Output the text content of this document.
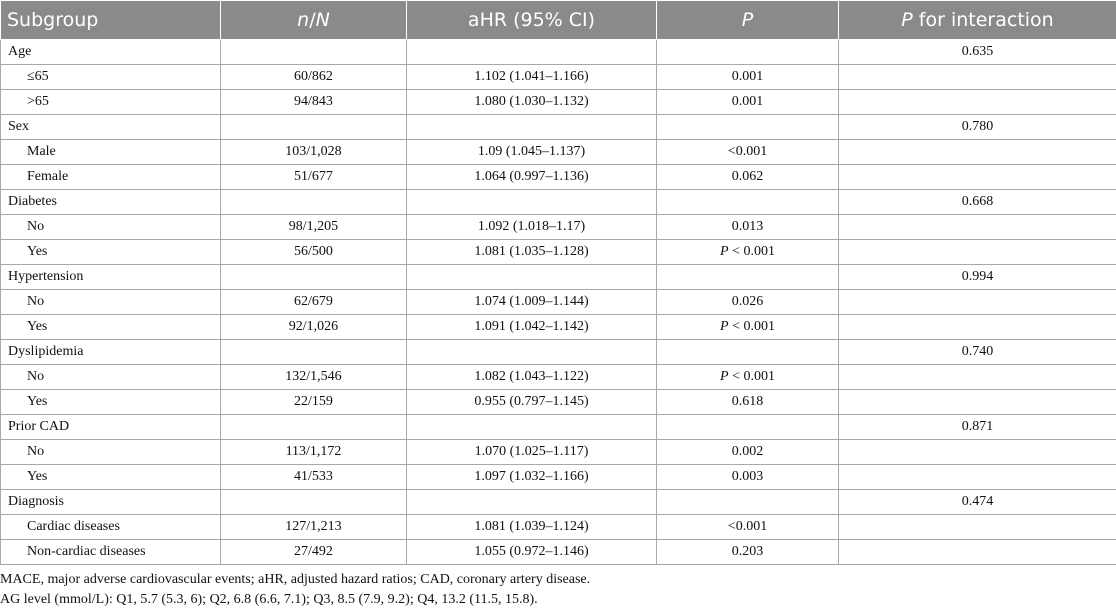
Subgroup	n/N	aHR (95% CI)	P	P for interaction
Age				0.635
≤65	60/862	1.102 (1.041–1.166)	0.001	
>65	94/843	1.080 (1.030–1.132)	0.001	
Sex				0.780
Male	103/1,028	1.09 (1.045–1.137)	<0.001	
Female	51/677	1.064 (0.997–1.136)	0.062	
Diabetes				0.668
No	98/1,205	1.092 (1.018–1.17)	0.013	
Yes	56/500	1.081 (1.035–1.128)	P < 0.001	
Hypertension				0.994
No	62/679	1.074 (1.009–1.144)	0.026	
Yes	92/1,026	1.091 (1.042–1.142)	P < 0.001	
Dyslipidemia				0.740
No	132/1,546	1.082 (1.043–1.122)	P < 0.001	
Yes	22/159	0.955 (0.797–1.145)	0.618	
Prior CAD				0.871
No	113/1,172	1.070 (1.025–1.117)	0.002	
Yes	41/533	1.097 (1.032–1.166)	0.003	
Diagnosis				0.474
Cardiac diseases	127/1,213	1.081 (1.039–1.124)	<0.001	
Non-cardiac diseases	27/492	1.055 (0.972–1.146)	0.203	
MACE, major adverse cardiovascular events; aHR, adjusted hazard ratios; CAD, coronary artery disease.
AG level (mmol/L): Q1, 5.7 (5.3, 6); Q2, 6.8 (6.6, 7.1); Q3, 8.5 (7.9, 9.2); Q4, 13.2 (11.5, 15.8).
